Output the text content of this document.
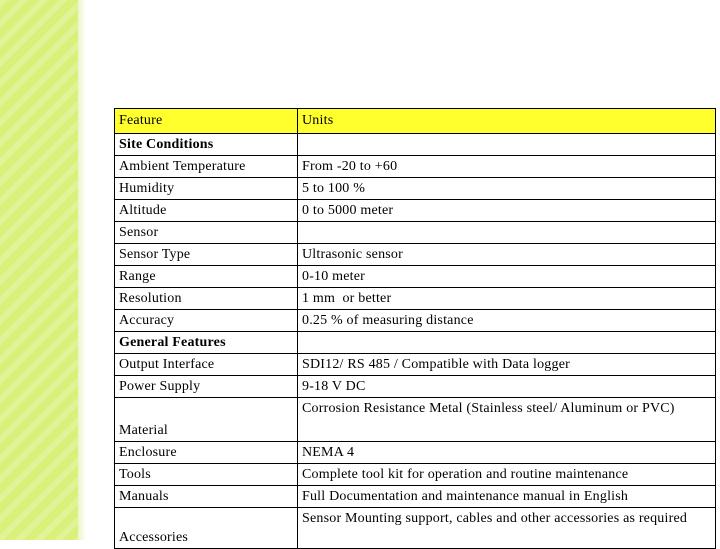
Feature	Units
Site Conditions	
Ambient Temperature	From -20 to +60
Humidity	5 to 100 %
Altitude	0 to 5000 meter
Sensor	
Sensor Type	Ultrasonic sensor
Range	0-10 meter
Resolution	1 mm  or better
Accuracy	0.25 % of measuring distance
General Features	
Output Interface	SDI12/ RS 485 / Compatible with Data logger
Power Supply	9-18 V DC
Material	Corrosion Resistance Metal (Stainless steel/ Aluminum or PVC)
Enclosure	NEMA 4
Tools	Complete tool kit for operation and routine maintenance
Manuals	Full Documentation and maintenance manual in English
Accessories	Sensor Mounting support, cables and other accessories as required
